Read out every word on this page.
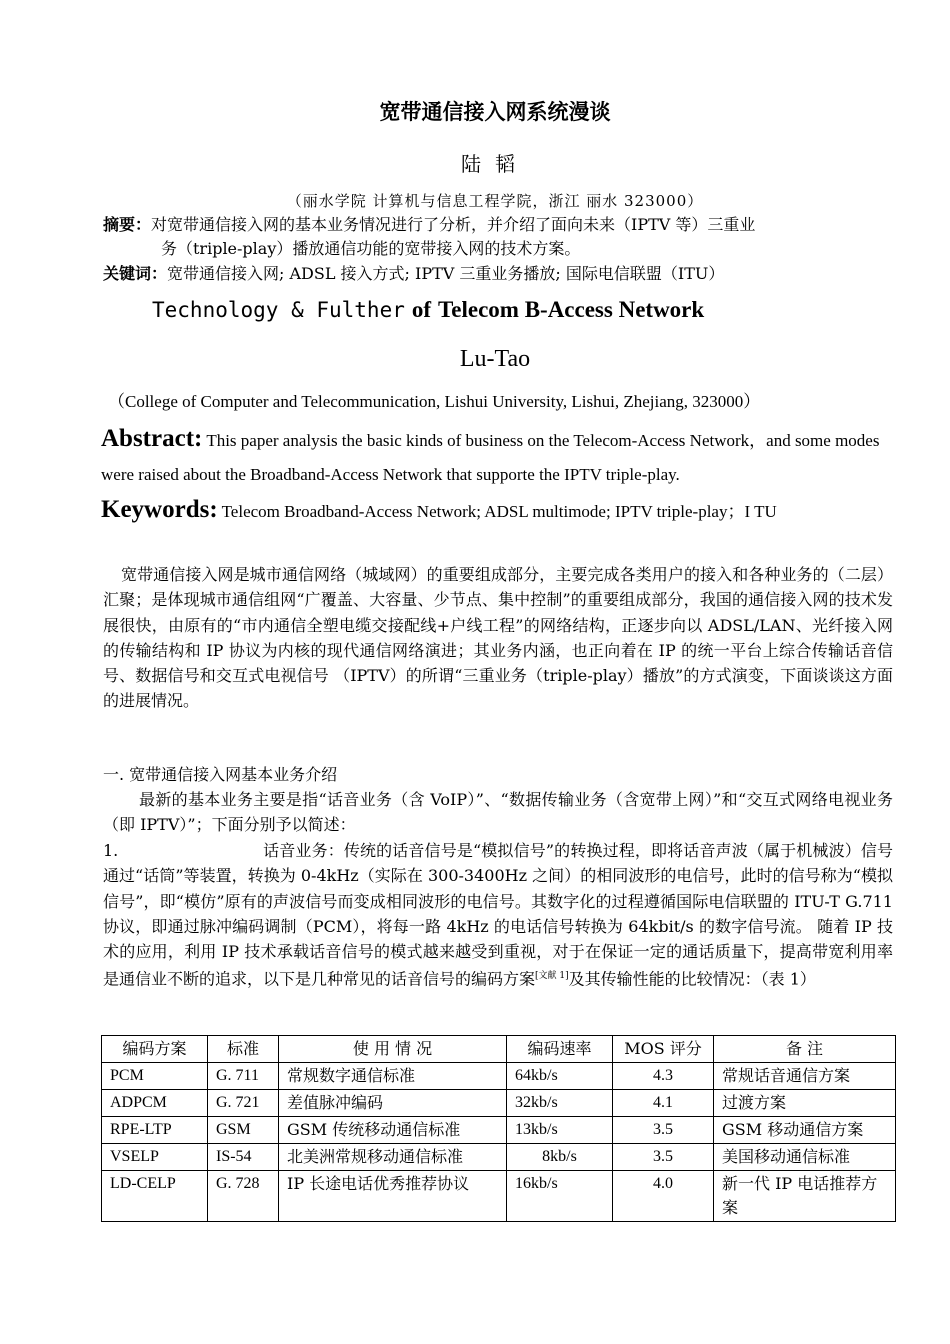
宽带通信接入网系统漫谈
陆韬
（丽水学院 计算机与信息工程学院，浙江 丽水 323000）
摘要：对宽带通信接入网的基本业务情况进行了分析，并介绍了面向未来（IPTV 等）三重业
务（triple-play）播放通信功能的宽带接入网的技术方案。
关键词：宽带通信接入网; ADSL 接入方式; IPTV 三重业务播放; 国际电信联盟（ITU）
Technology & Fulther of Telecom B-Access Network
Lu-Tao
（College of Computer and Telecommunication, Lishui University, Lishui, Zhejiang, 323000）
Abstract: This paper analysis the basic kinds of business on the Telecom-Access Network，and some modes were raised about the Broadband-Access Network that supporte the IPTV triple-play.
Keywords: Telecom Broadband-Access Network; ADSL multimode; IPTV triple-play；I TU
宽带通信接入网是城市通信网络（城域网）的重要组成部分，主要完成各类用户的接入和各种业务的（二层）汇聚；是体现城市通信组网“广覆盖、大容量、少节点、集中控制”的重要组成部分，我国的通信接入网的技术发展很快，由原有的“市内通信全塑电缆交接配线+户线工程”的网络结构，正逐步向以 ADSL/LAN、光纤接入网的传输结构和 IP 协议为内核的现代通信网络演进；其业务内涵，也正向着在 IP 的统一平台上综合传输话音信号、数据信号和交互式电视信号 （IPTV）的所谓“三重业务（triple-play）播放”的方式演变，下面谈谈这方面的进展情况。
一. 宽带通信接入网基本业务介绍
最新的基本业务主要是指“话音业务（含 VoIP）”、“数据传输业务（含宽带上网）”和“交互式网络电视业务（即 IPTV）”；下面分别予以简述：
1.	话音业务：传统的话音信号是“模拟信号”的转换过程，即将话音声波（属于机械波）信号通过“话筒”等装置，转换为 0-4kHz（实际在 300-3400Hz 之间）的相同波形的电信号，此时的信号称为“模拟信号”，即“模仿”原有的声波信号而变成相同波形的电信号。其数字化的过程遵循国际电信联盟的 ITU-T G.711 协议，即通过脉冲编码调制（PCM），将每一路 4kHz 的电话信号转换为 64kbit/s 的数字信号流。 随着 IP 技术的应用，利用 IP 技术承载话音信号的模式越来越受到重视，对于在保证一定的通话质量下，提高带宽利用率是通信业不断的追求，以下是几种常见的话音信号的编码方案[文献 1]及其传输性能的比较情况：（表 1）
编码方案	标准	使 用 情 况	编码速率	MOS 评分	备 注
PCM	G. 711	常规数字通信标准	64kb/s	4.3	常规话音通信方案
ADPCM	G. 721	差值脉冲编码	32kb/s	4.1	过渡方案
RPE-LTP	GSM	GSM 传统移动通信标准	13kb/s	3.5	GSM 移动通信方案
VSELP	IS-54	北美洲常规移动通信标准	8kb/s	3.5	美国移动通信标准
LD-CELP	G. 728	IP 长途电话优秀推荐协议	16kb/s	4.0	新一代 IP 电话推荐方案
